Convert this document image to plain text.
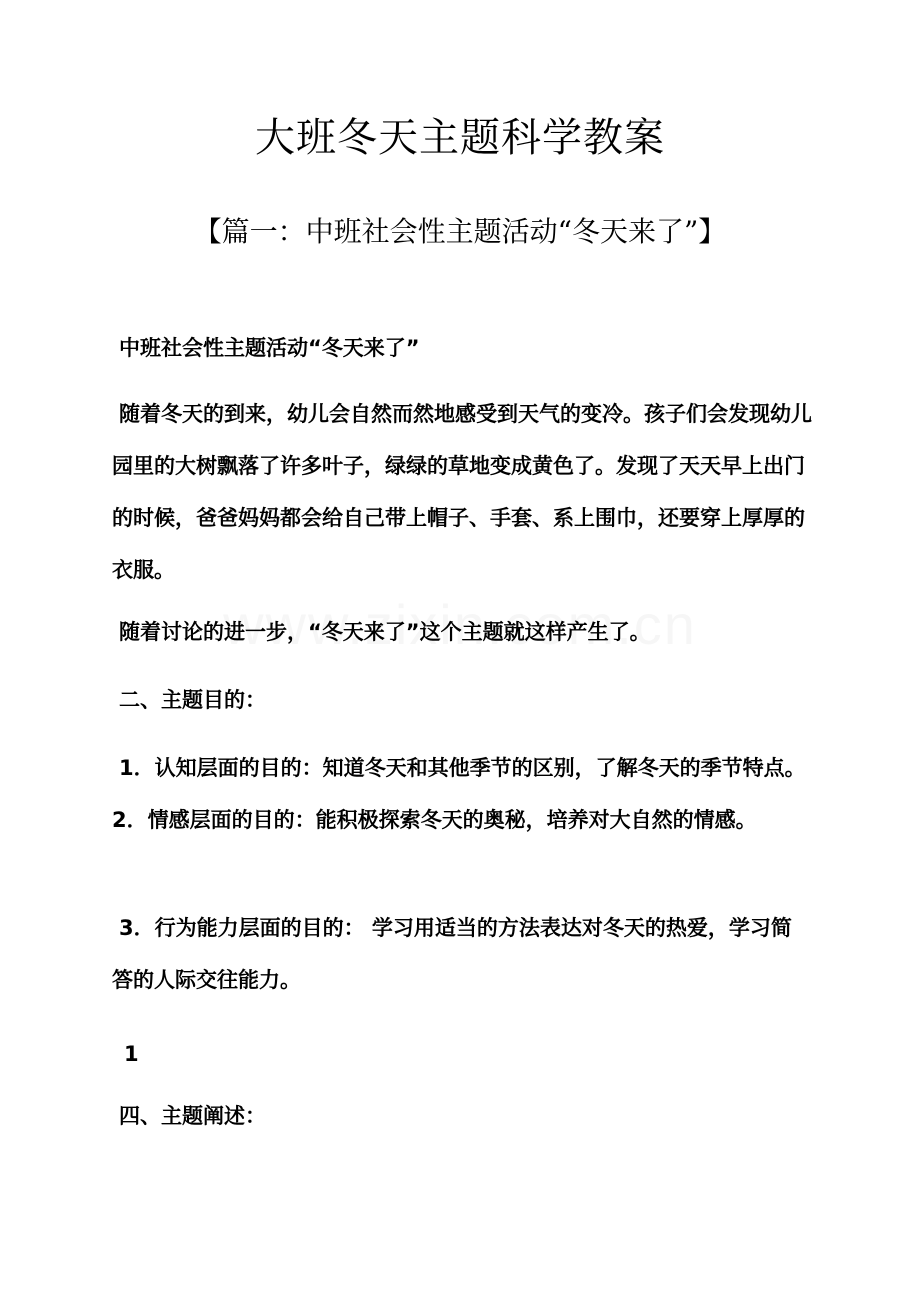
大班冬天主题科学教案
【篇一：中班社会性主题活动“冬天来了”】

中班社会性主题活动“冬天来了”

随着冬天的到来，幼儿会自然而然地感受到天气的变冷。孩子们会发现幼儿园里的大树飘落了许多叶子，绿绿的草地变成黄色了。发现了天天早上出门的时候，爸爸妈妈都会给自己带上帽子、手套、系上围巾，还要穿上厚厚的衣服。

随着讨论的进一步，“冬天来了”这个主题就这样产生了。

二、主题目的：

1．认知层面的目的：知道冬天和其他季节的区别，了解冬天的季节特点。 2．情感层面的目的：能积极探索冬天的奥秘，培养对大自然的情感。

3．行为能力层面的目的： 学习用适当的方法表达对冬天的热爱，学习简答的人际交往能力。

1

四、主题阐述：
